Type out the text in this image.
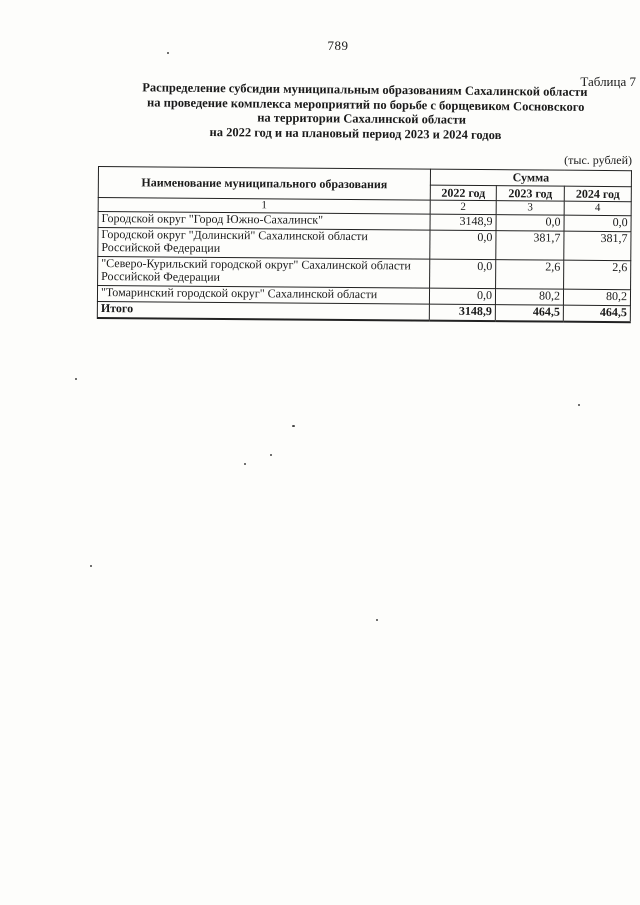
789
Таблица 7
Распределение субсидии муниципальным образованиям Сахалинской области
на проведение комплекса мероприятий по борьбе с борщевиком Сосновского
на территории Сахалинской области
на 2022 год и на плановый период 2023 и 2024 годов
(тыс. рублей)
Наименование муниципального образования	Сумма		
	2022 год	2023 год	2024 год
1	2	3	4
Городской округ "Город Южно-Сахалинск"	3148,9	0,0	0,0
Городской округ "Долинский" Сахалинской области Российской Федерации	0,0	381,7	381,7
"Северо-Курильский городской округ" Сахалинской области Российской Федерации	0,0	2,6	2,6
"Томаринский городской округ" Сахалинской области	0,0	80,2	80,2
Итого	3148,9	464,5	464,5
